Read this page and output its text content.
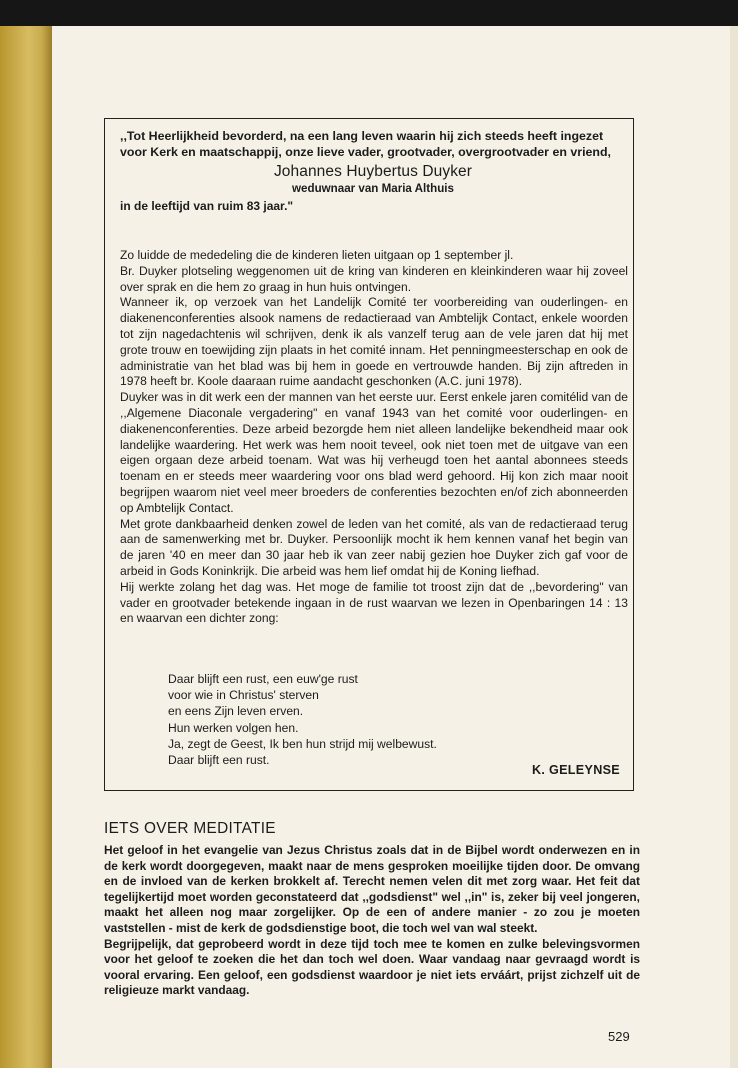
,,Tot Heerlijkheid bevorderd, na een lang leven waarin hij zich steeds heeft ingezet voor Kerk en maatschappij, onze lieve vader, grootvader, overgrootvader en vriend,

Johannes Huybertus Duyker

weduwnaar van Maria Althuis

in de leeftijd van ruim 83 jaar."

Zo luidde de mededeling die de kinderen lieten uitgaan op 1 september jl.

Br. Duyker plotseling weggenomen uit de kring van kinderen en kleinkinderen waar hij zoveel over sprak en die hem zo graag in hun huis ontvingen.

Wanneer ik, op verzoek van het Landelijk Comité ter voorbereiding van ouderlingen- en diakenenconferenties alsook namens de redactieraad van Ambtelijk Contact, enkele woorden tot zijn nagedachtenis wil schrijven, denk ik als vanzelf terug aan de vele jaren dat hij met grote trouw en toewijding zijn plaats in het comité innam. Het penningmeesterschap en ook de administratie van het blad was bij hem in goede en vertrouwde handen. Bij zijn aftreden in 1978 heeft br. Koole daaraan ruime aandacht geschonken (A.C. juni 1978).

Duyker was in dit werk een der mannen van het eerste uur. Eerst enkele jaren comitélid van de ,,Algemene Diaconale vergadering" en vanaf 1943 van het comité voor ouderlingen- en diakenenconferenties. Deze arbeid bezorgde hem niet alleen landelijke bekendheid maar ook landelijke waardering. Het werk was hem nooit teveel, ook niet toen met de uitgave van een eigen orgaan deze arbeid toenam. Wat was hij verheugd toen het aantal abonnees steeds toenam en er steeds meer waardering voor ons blad werd gehoord. Hij kon zich maar nooit begrijpen waarom niet veel meer broeders de conferenties bezochten en/of zich abonneerden op Ambtelijk Contact.

Met grote dankbaarheid denken zowel de leden van het comité, als van de redactieraad terug aan de samenwerking met br. Duyker. Persoonlijk mocht ik hem kennen vanaf het begin van de jaren '40 en meer dan 30 jaar heb ik van zeer nabij gezien hoe Duyker zich gaf voor de arbeid in Gods Koninkrijk. Die arbeid was hem lief omdat hij de Koning liefhad.

Hij werkte zolang het dag was. Het moge de familie tot troost zijn dat de ,,bevordering" van vader en grootvader betekende ingaan in de rust waarvan we lezen in Openbaringen 14 : 13 en waarvan een dichter zong:

Daar blijft een rust, een euw'ge rust
voor wie in Christus' sterven
en eens Zijn leven erven.
Hun werken volgen hen.
Ja, zegt de Geest, Ik ben hun strijd mij welbewust.
Daar blijft een rust.
K. GELEYNSE
IETS OVER MEDITATIE

Het geloof in het evangelie van Jezus Christus zoals dat in de Bijbel wordt onderwezen en in de kerk wordt doorgegeven, maakt naar de mens gesproken moeilijke tijden door. De omvang en de invloed van de kerken brokkelt af. Terecht nemen velen dit met zorg waar. Het feit dat tegelijkertijd moet worden geconstateerd dat ,,godsdienst" wel ,,in" is, zeker bij veel jongeren, maakt het alleen nog maar zorgelijker. Op de een of andere manier - zo zou je moeten vaststellen - mist de kerk de godsdienstige boot, die toch wel van wal steekt.

Begrijpelijk, dat geprobeerd wordt in deze tijd toch mee te komen en zulke belevingsvormen voor het geloof te zoeken die het dan toch wel doen. Waar vandaag naar gevraagd wordt is vooral ervaring. Een geloof, een godsdienst waardoor je niet iets erváárt, prijst zichzelf uit de religieuze markt vandaag.

529
